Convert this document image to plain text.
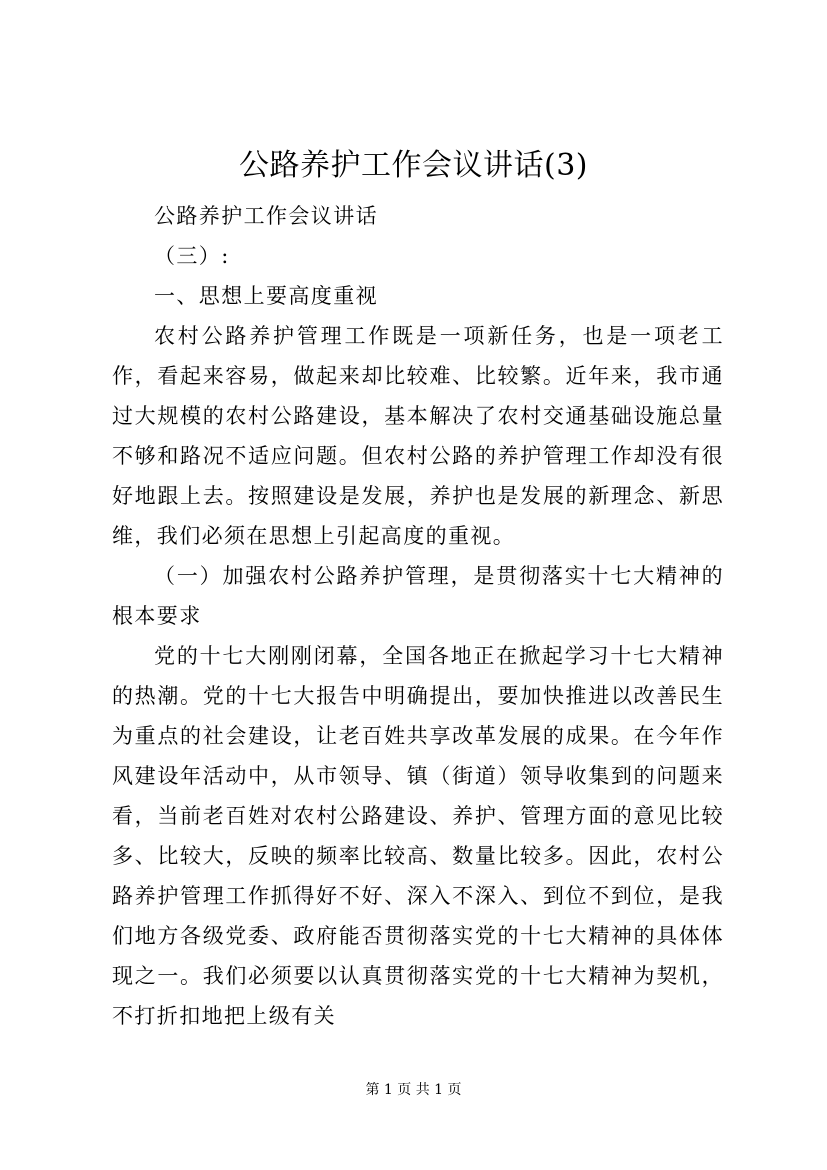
公路养护工作会议讲话(3)

公路养护工作会议讲话

（三）:

一、思想上要高度重视

农村公路养护管理工作既是一项新任务，也是一项老工作，看起来容易，做起来却比较难、比较繁。近年来，我市通过大规模的农村公路建设，基本解决了农村交通基础设施总量不够和路况不适应问题。但农村公路的养护管理工作却没有很好地跟上去。按照建设是发展，养护也是发展的新理念、新思维，我们必须在思想上引起高度的重视。

（一）加强农村公路养护管理，是贯彻落实十七大精神的根本要求

党的十七大刚刚闭幕，全国各地正在掀起学习十七大精神的热潮。党的十七大报告中明确提出，要加快推进以改善民生为重点的社会建设，让老百姓共享改革发展的成果。在今年作风建设年活动中，从市领导、镇（街道）领导收集到的问题来看，当前老百姓对农村公路建设、养护、管理方面的意见比较多、比较大，反映的频率比较高、数量比较多。因此，农村公路养护管理工作抓得好不好、深入不深入、到位不到位，是我们地方各级党委、政府能否贯彻落实党的十七大精神的具体体现之一。我们必须要以认真贯彻落实党的十七大精神为契机，不打折扣地把上级有关

第 1 页 共 1 页
